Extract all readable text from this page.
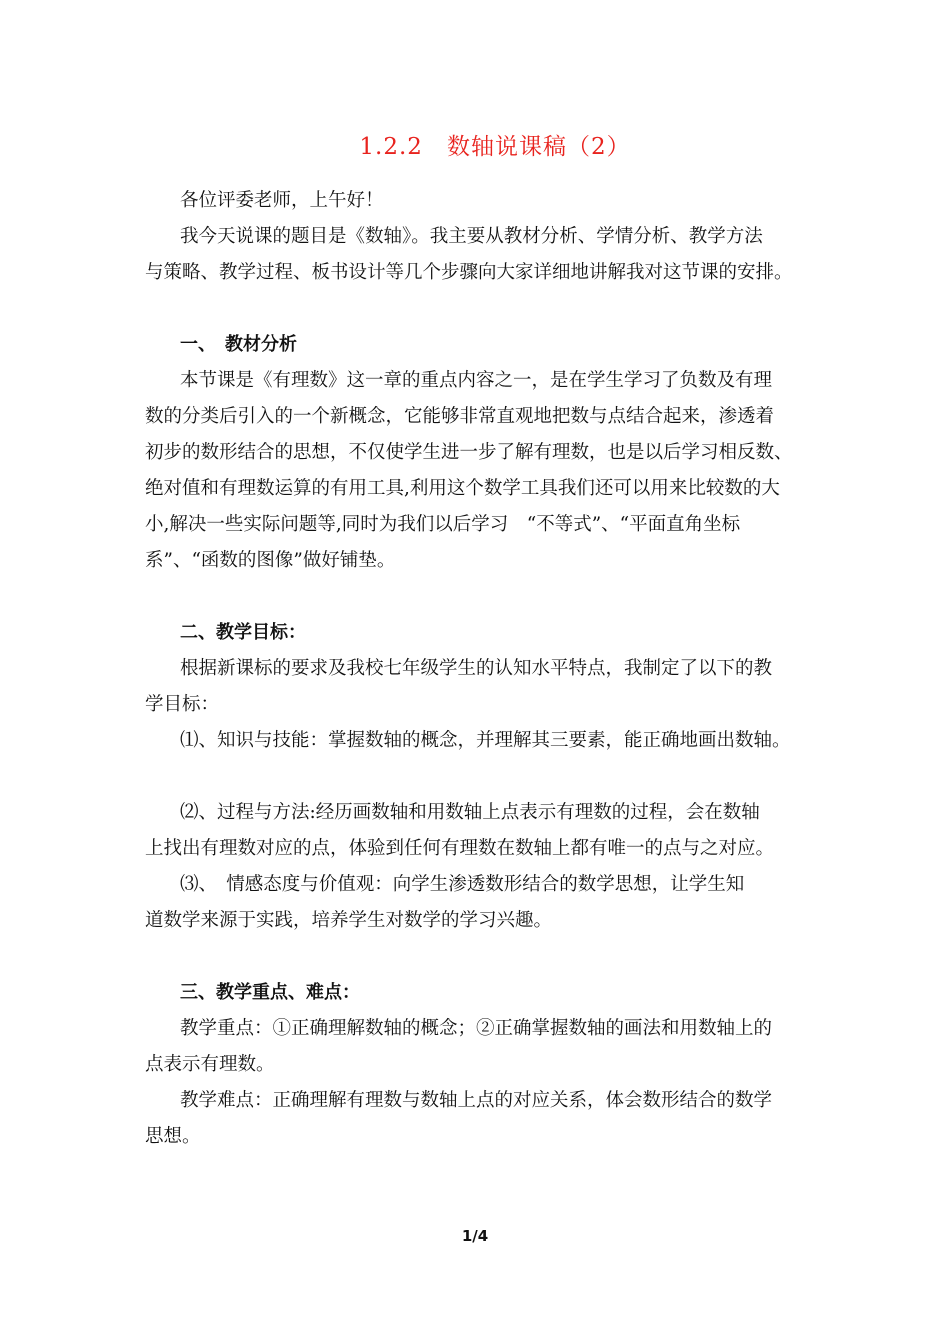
1.2.2　数轴说课稿（2）
各位评委老师，上午好！
我今天说课的题目是《数轴》。我主要从教材分析、学情分析、教学方法
与策略、教学过程、板书设计等几个步骤向大家详细地讲解我对这节课的安排。
一、　教材分析
本节课是《有理数》这一章的重点内容之一，是在学生学习了负数及有理
数的分类后引入的一个新概念，它能够非常直观地把数与点结合起来，渗透着
初步的数形结合的思想，不仅使学生进一步了解有理数，也是以后学习相反数、
绝对值和有理数运算的有用工具,利用这个数学工具我们还可以用来比较数的大
小,解决一些实际问题等,同时为我们以后学习　“不等式”、“平面直角坐标
系”、“函数的图像”做好铺垫。
二、教学目标：
根据新课标的要求及我校七年级学生的认知水平特点，我制定了以下的教
学目标：
⑴、知识与技能：掌握数轴的概念，并理解其三要素，能正确地画出数轴。
⑵、过程与方法:经历画数轴和用数轴上点表示有理数的过程，会在数轴
上找出有理数对应的点，体验到任何有理数在数轴上都有唯一的点与之对应。
⑶、　情感态度与价值观：向学生渗透数形结合的数学思想，让学生知
道数学来源于实践，培养学生对数学的学习兴趣。
三、教学重点、难点：
教学重点：①正确理解数轴的概念；②正确掌握数轴的画法和用数轴上的
点表示有理数。
教学难点：正确理解有理数与数轴上点的对应关系，体会数形结合的数学
思想。
1/4
